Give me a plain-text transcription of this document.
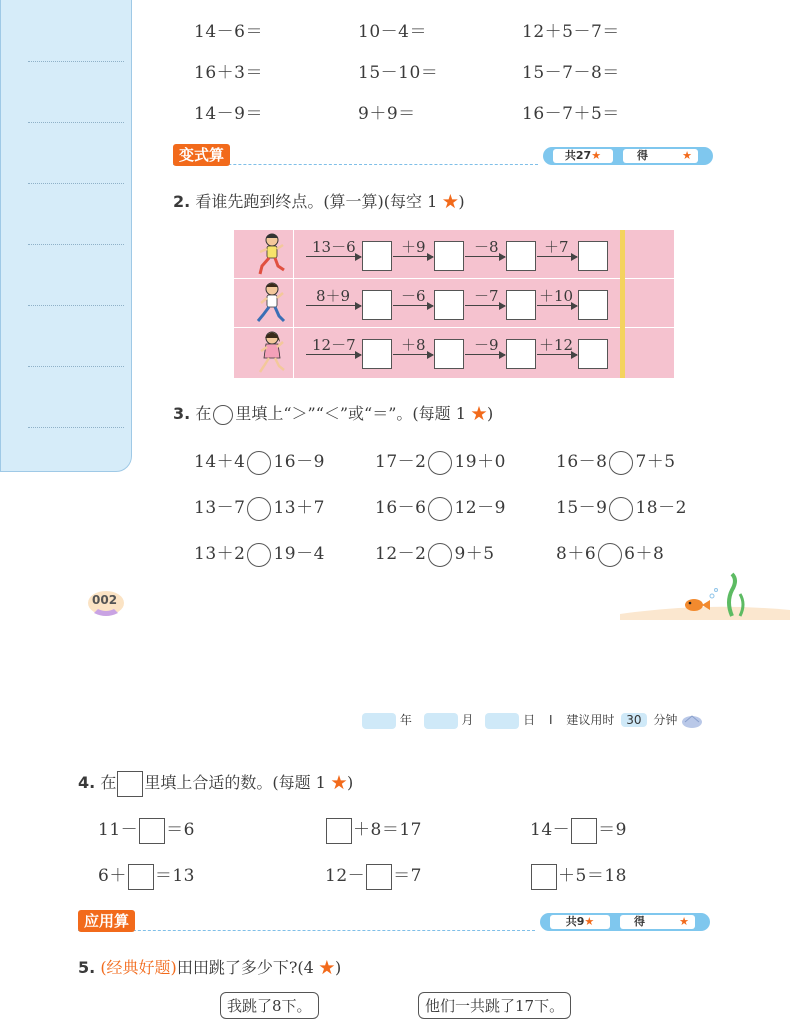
14－6＝	10－4＝	12＋5－7＝
16＋3＝	15－10＝	15－7－8＝
14－9＝	9＋9＝	16－7＋5＝
变式算	共27★	得	★
2. 看谁先跑到终点。(算一算)(每空 1 ★)
13－6	＋9	－8	＋7
8＋9	－6	－7	＋10
12－7	＋8	－9	＋12
3. 在 里填上“＞”“＜”或“＝”。(每题 1 ★)
14＋4 16－9	17－2 19＋0	16－8 7＋5
13－7 13＋7	16－6 12－9	15－9 18－2
13＋2 19－4	12－2 9＋5	8＋6 6＋8
002
年	月	日 I 建议用时 30 分钟
4. 在 里填上合适的数。(每题 1 ★)
11－ ＝6	＋8＝17	14－ ＝9
6＋ ＝13	12－ ＝7	＋5＝18
应用算	共9★	得	★
5. (经典好题)田田跳了多少下?(4 ★)
我跳了8下。	他们一共跳了17下。
